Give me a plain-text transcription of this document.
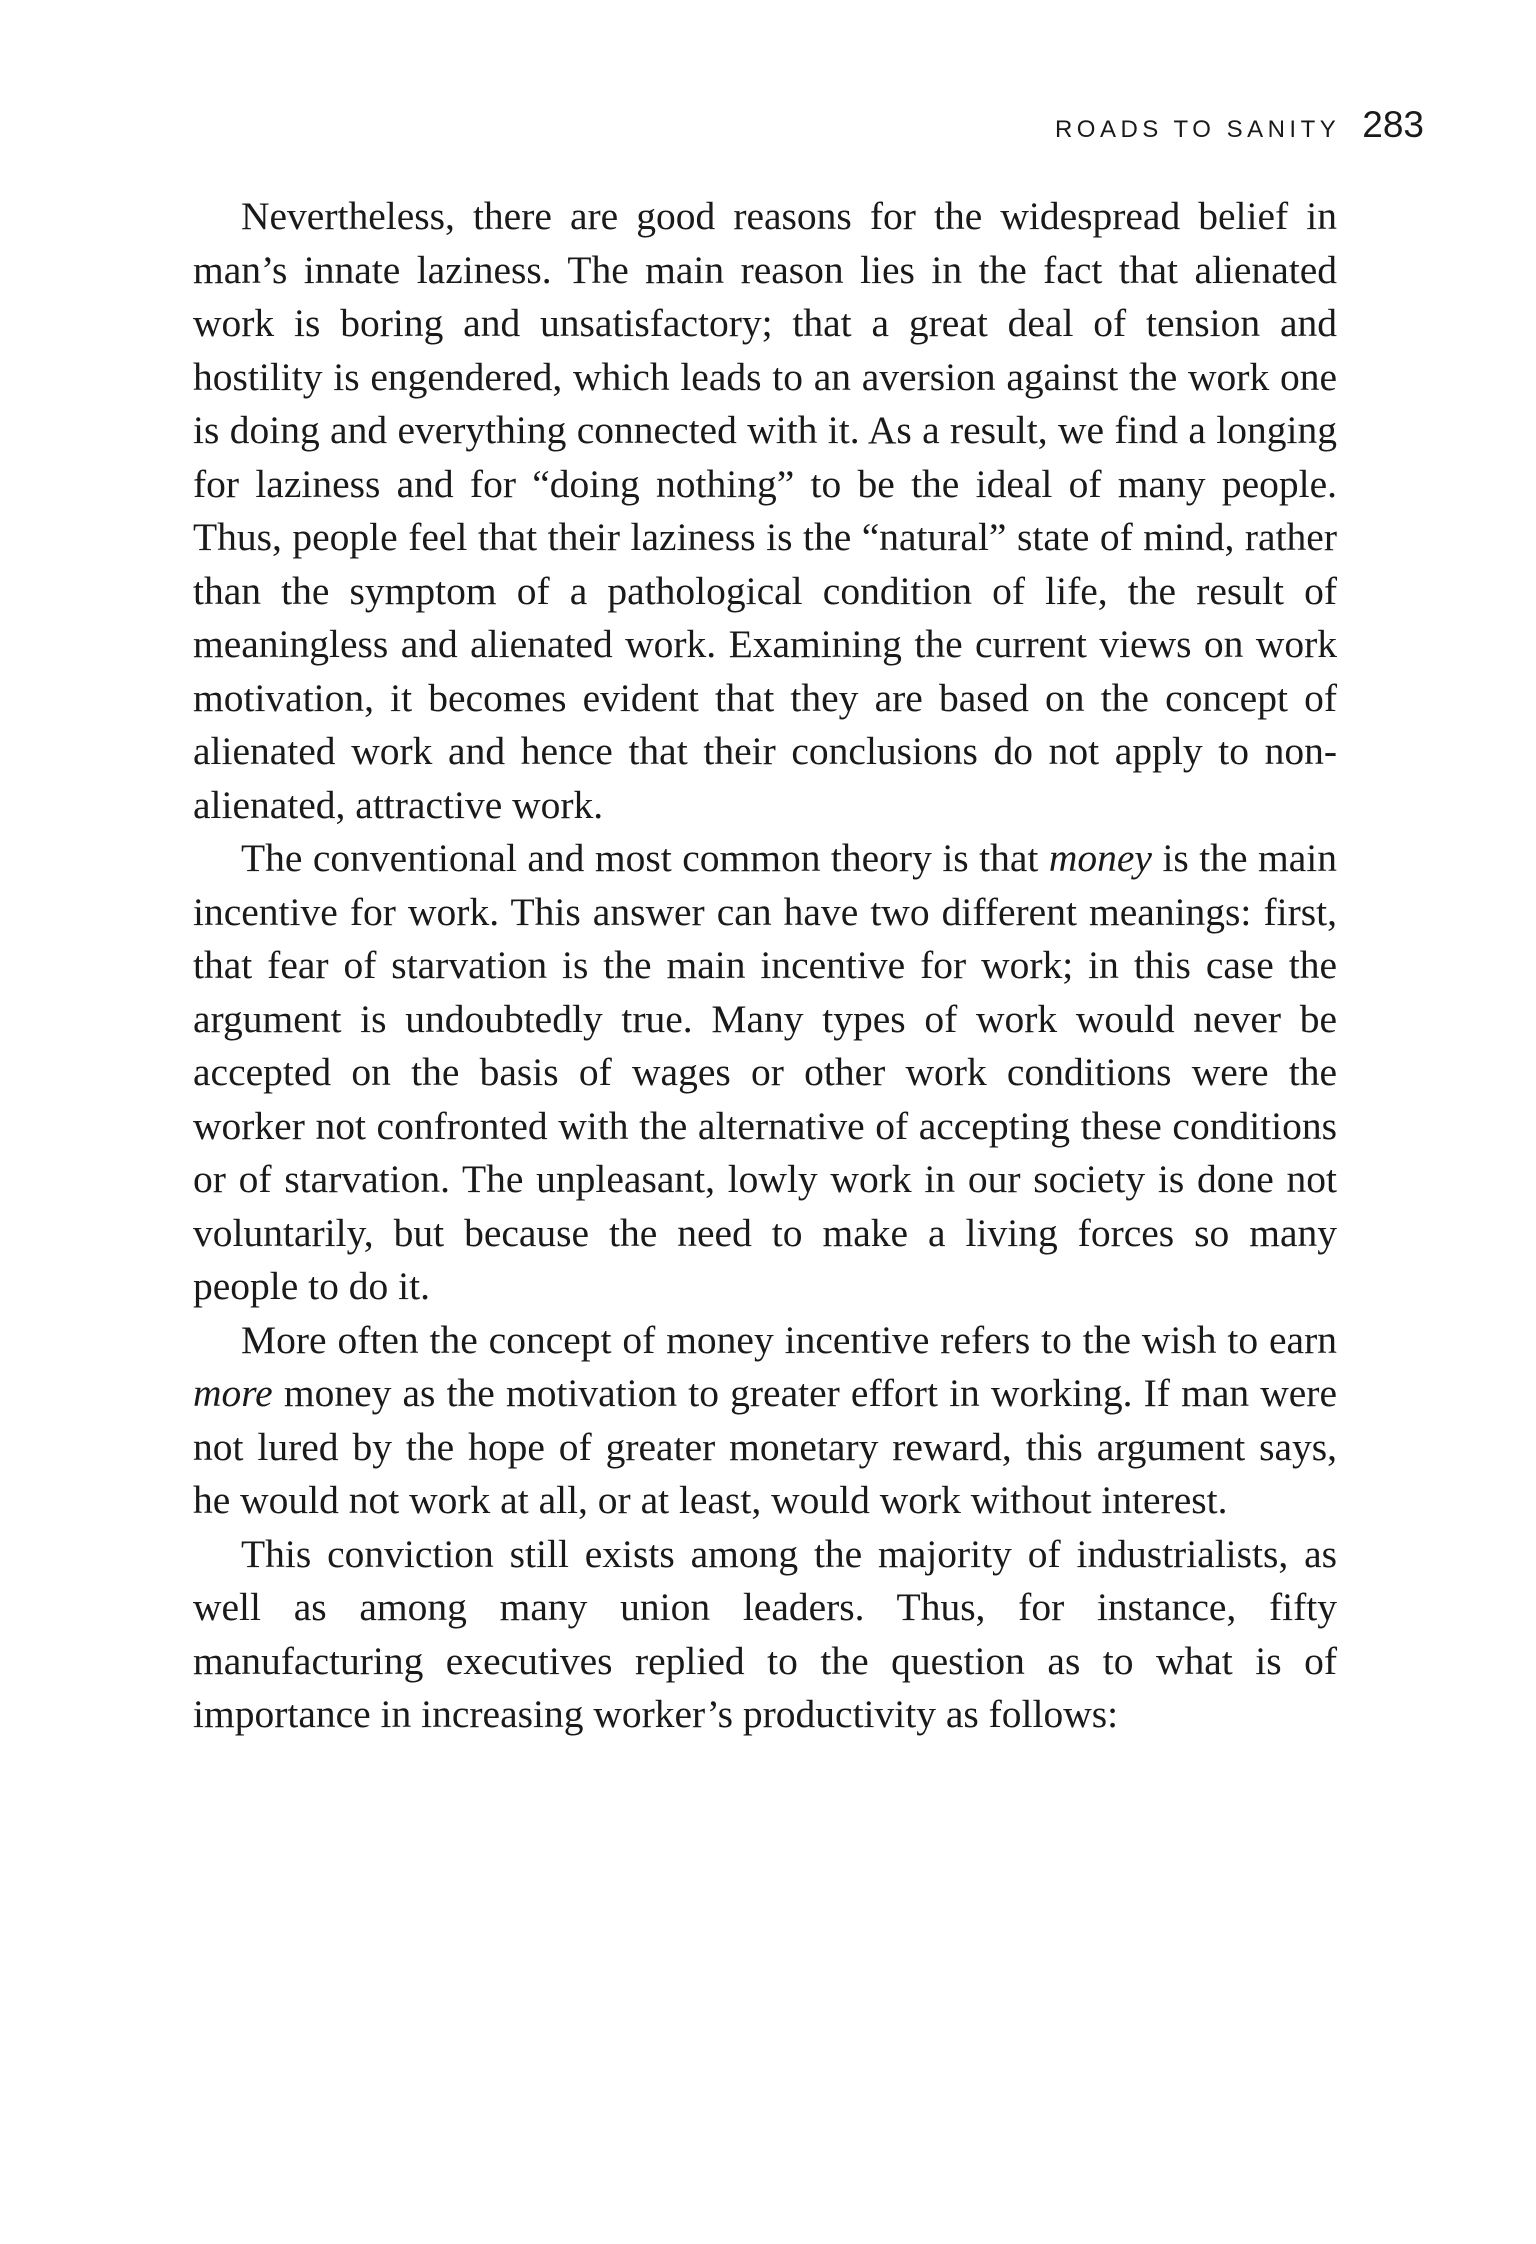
ROADS TO SANITY 283

Nevertheless, there are good reasons for the widespread belief in man’s innate laziness. The main reason lies in the fact that alienated work is boring and unsatisfactory; that a great deal of tension and hostility is engendered, which leads to an aversion against the work one is doing and everything connected with it. As a result, we find a longing for laziness and for “doing nothing” to be the ideal of many people. Thus, people feel that their laziness is the “natural” state of mind, rather than the symptom of a pathological condition of life, the result of meaningless and alienated work. Examining the current views on work motivation, it becomes evident that they are based on the concept of alienated work and hence that their conclusions do not apply to non-alienated, attractive work.

The conventional and most common theory is that money is the main incentive for work. This answer can have two different meanings: first, that fear of starvation is the main incentive for work; in this case the argument is undoubtedly true. Many types of work would never be accepted on the basis of wages or other work conditions were the worker not confronted with the alternative of accepting these conditions or of starvation. The unpleasant, lowly work in our society is done not voluntarily, but because the need to make a living forces so many people to do it.

More often the concept of money incentive refers to the wish to earn more money as the motivation to greater effort in working. If man were not lured by the hope of greater monetary reward, this argument says, he would not work at all, or at least, would work without interest.

This conviction still exists among the majority of industrialists, as well as among many union leaders. Thus, for instance, fifty manufacturing executives replied to the question as to what is of importance in increasing worker’s productivity as follows:
